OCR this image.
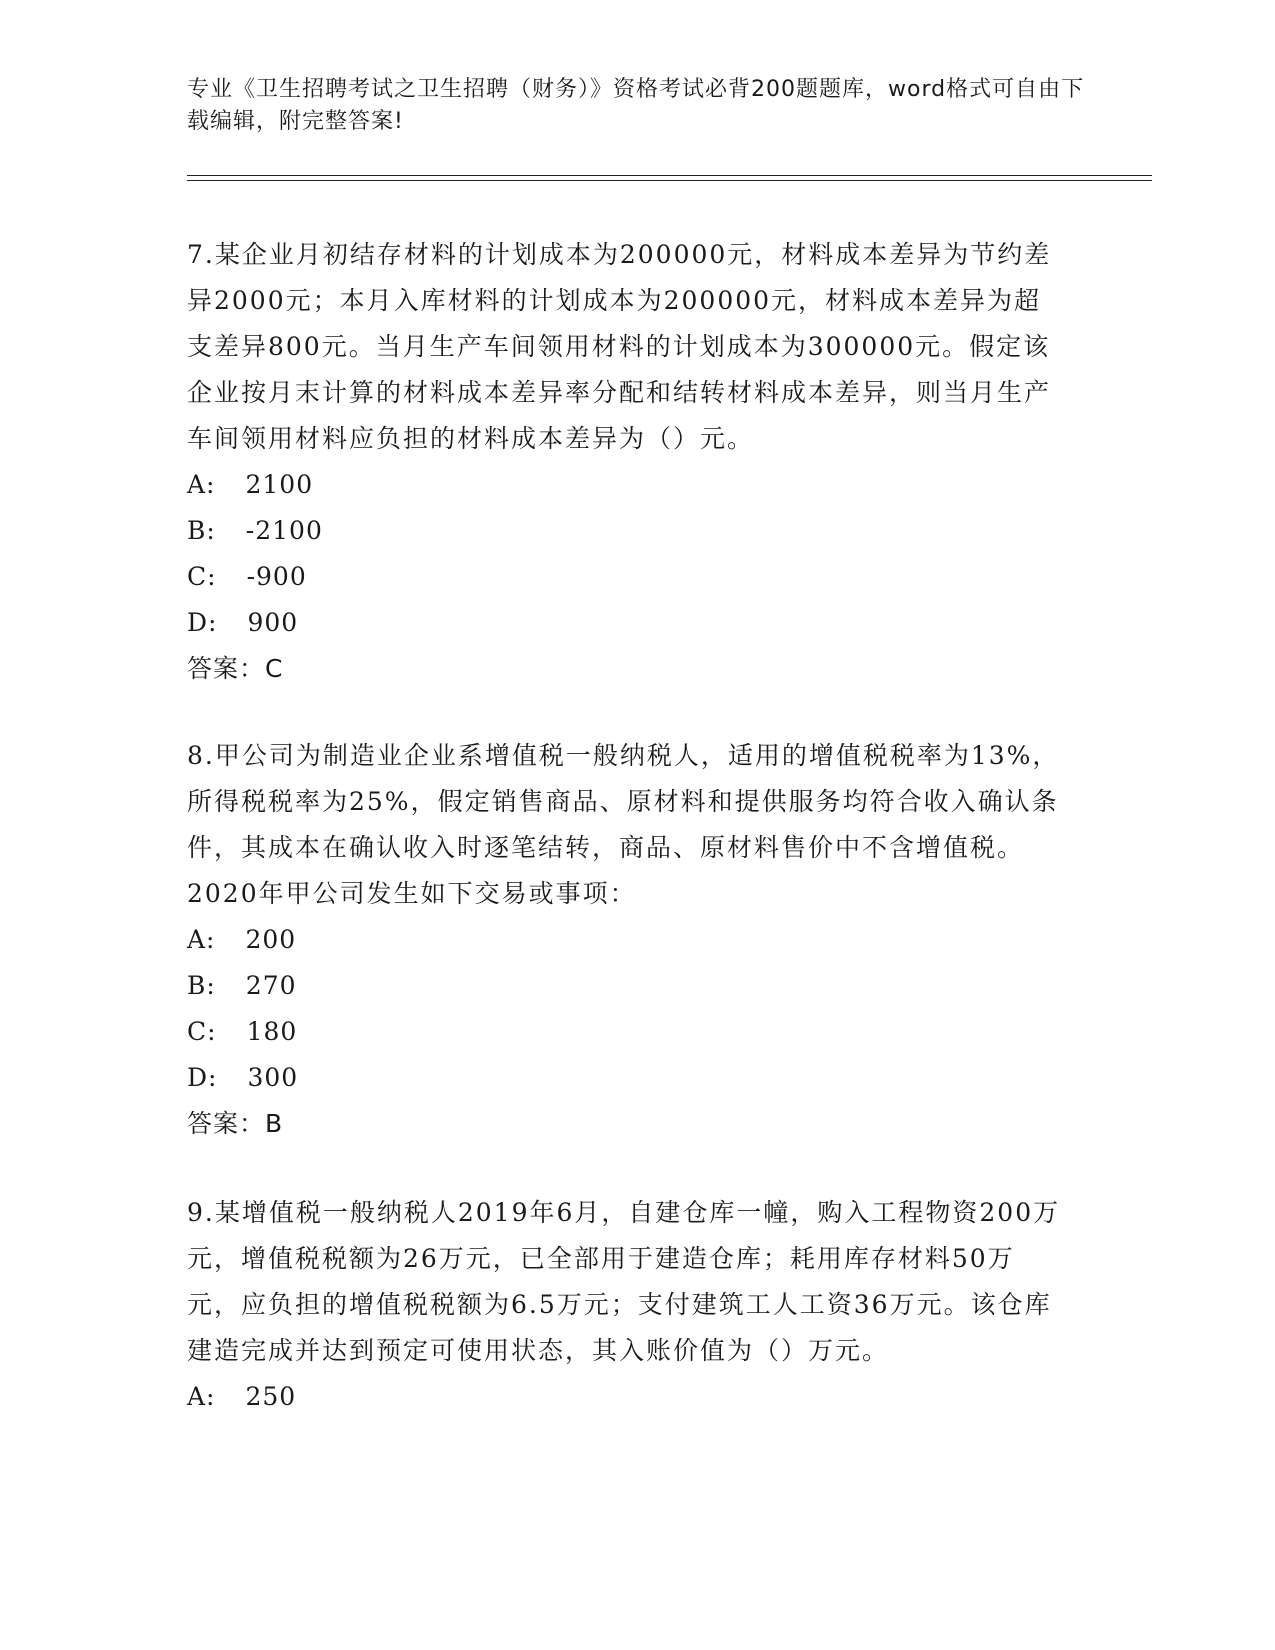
专业《卫生招聘考试之卫生招聘（财务）》资格考试必背200题题库，word格式可自由下载编辑，附完整答案!

7.某企业月初结存材料的计划成本为200000元，材料成本差异为节约差异2000元；本月入库材料的计划成本为200000元，材料成本差异为超支差异800元。当月生产车间领用材料的计划成本为300000元。假定该企业按月末计算的材料成本差异率分配和结转材料成本差异，则当月生产车间领用材料应负担的材料成本差异为（）元。

A: 2100
B: -2100
C: -900
D: 900
答案：C

8.甲公司为制造业企业系增值税一般纳税人，适用的增值税税率为13%，所得税税率为25%，假定销售商品、原材料和提供服务均符合收入确认条件，其成本在确认收入时逐笔结转，商品、原材料售价中不含增值税。2020年甲公司发生如下交易或事项：

A: 200
B: 270
C: 180
D: 300
答案：B

9.某增值税一般纳税人2019年6月，自建仓库一幢，购入工程物资200万元，增值税税额为26万元，已全部用于建造仓库；耗用库存材料50万元，应负担的增值税税额为6.5万元；支付建筑工人工资36万元。该仓库建造完成并达到预定可使用状态，其入账价值为（）万元。

A: 250
